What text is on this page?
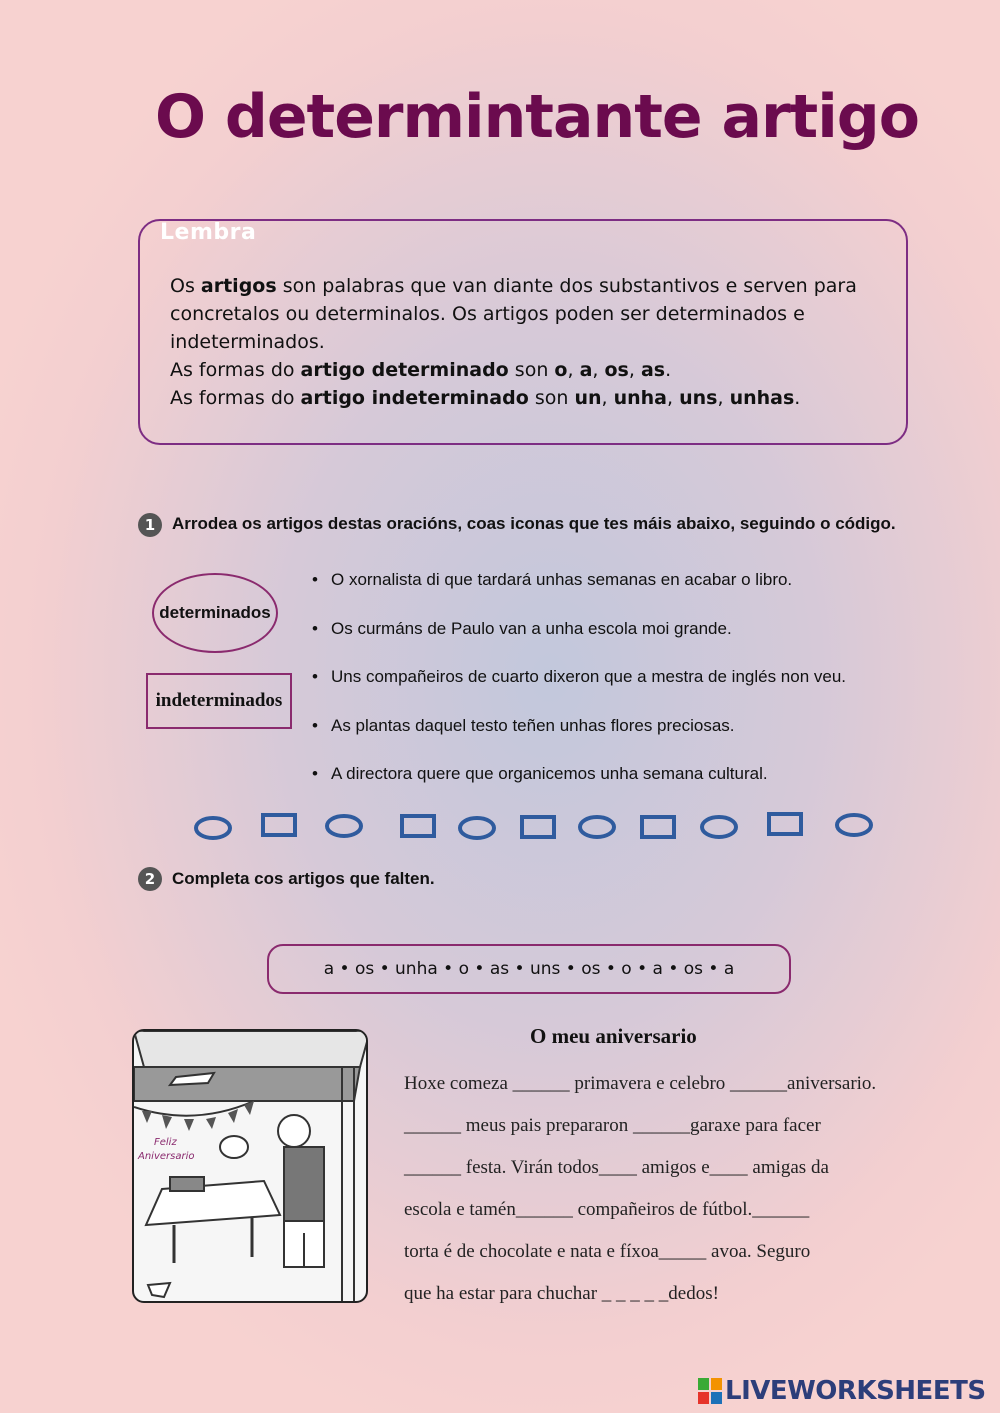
O determintante artigo
Lembra

Os artigos son palabras que van diante dos substantivos e serven para concretalos ou determinalos. Os artigos poden ser determinados e indeterminados.

As formas do artigo determinado son o, a, os, as.

As formas do artigo indeterminado son un, unha, uns, unhas.

1 Arrodea os artigos destas oracións, coas iconas que tes máis abaixo, seguindo o código.
determinados
indeterminados
• O xornalista di que tardará unhas semanas en acabar o libro.
• Os curmáns de Paulo van a unha escola moi grande.
• Uns compañeiros de cuarto dixeron que a mestra de inglés non veu.
• As plantas daquel testo teñen unhas flores preciosas.
• A directora quere que organicemos unha semana cultural.
2 Completa cos artigos que falten.
a • os • unha • o • as • uns • os • o • a • os • a
Feliz
Aniversario
O meu aniversario
Hoxe comeza ______ primavera e celebro ______aniversario.
______ meus pais prepararon ______garaxe para facer
______ festa. Virán todos____ amigos e____ amigas da
escola e tamén______ compañeiros de fútbol.______
torta é de chocolate e nata e fíxoa_____ avoa. Seguro
que ha estar para chuchar _ _ _ _ _dedos!
LIVEWORKSHEETS
